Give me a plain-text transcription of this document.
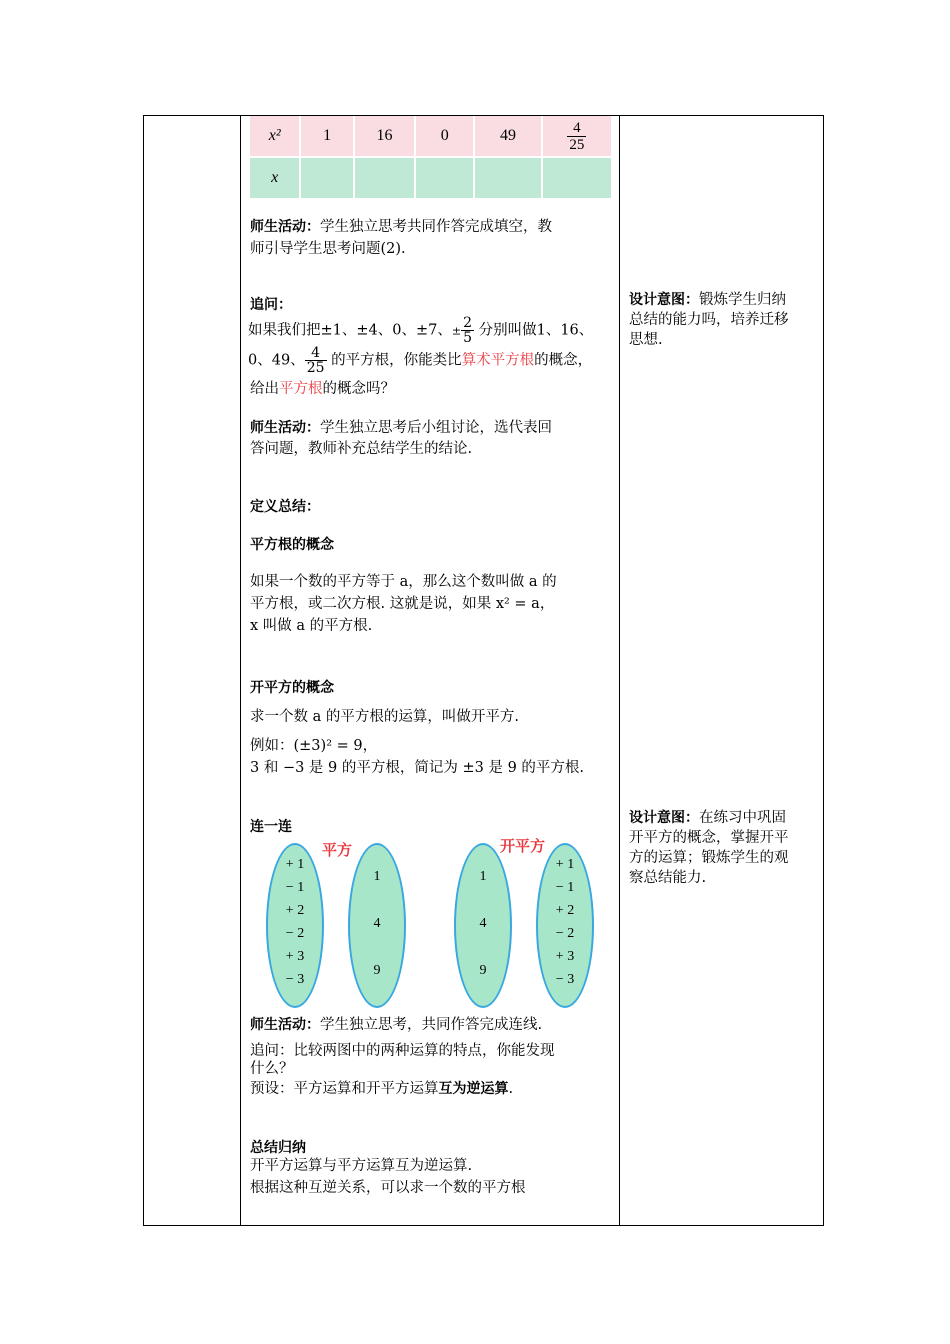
x²	1	16	0	49	$\frac{4}{25}$

x					
师生活动：学生独立思考共同作答完成填空，教
师引导学生思考问题(2).
追问：
如果我们把±1、±4、0、±7、± $\frac{2}{5}$ 分别叫做1、16、
0、49、 $\frac{4}{25}$ 的平方根，你能类比算术平方根的概念，
给出平方根的概念吗？
师生活动：学生独立思考后小组讨论，选代表回
答问题，教师补充总结学生的结论.
定义总结：
平方根的概念
如果一个数的平方等于 a，那么这个数叫做 a 的
平方根，或二次方根. 这就是说，如果 x² = a，
x 叫做 a 的平方根.
开平方的概念
求一个数 a 的平方根的运算，叫做开平方.
例如：(±3)² = 9，
3 和 −3 是 9 的平方根，简记为 ±3 是 9 的平方根.
连一连
平方	开平方
+ 1
− 1
+ 2
− 2
+ 3
− 3
1
4
9
1
4
9
+ 1
− 1
+ 2
− 2
+ 3
− 3
师生活动：学生独立思考，共同作答完成连线.
追问：比较两图中的两种运算的特点，你能发现
什么？
预设：平方运算和开平方运算互为逆运算.
总结归纳
开平方运算与平方运算互为逆运算.
根据这种互逆关系，可以求一个数的平方根
设计意图：锻炼学生归纳
总结的能力吗，培养迁移
思想.
设计意图：在练习中巩固
开平方的概念，掌握开平
方的运算；锻炼学生的观
察总结能力.
